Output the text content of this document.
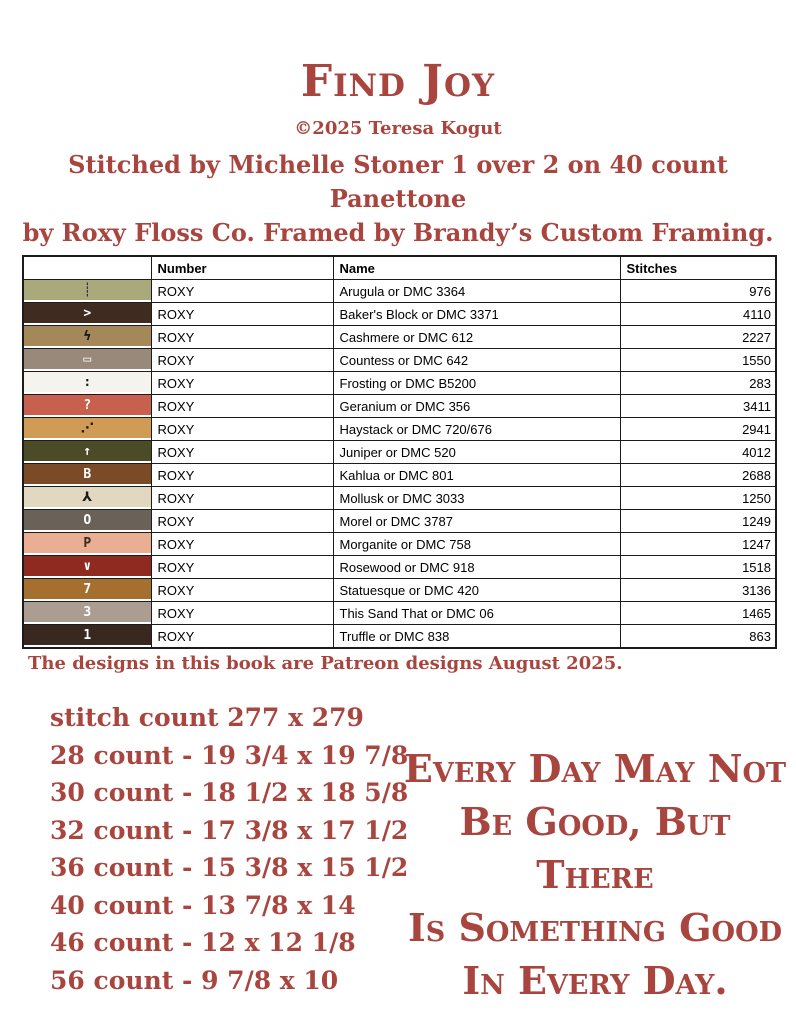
Find Joy
©2025 Teresa Kogut
Stitched by Michelle Stoner 1 over 2 on 40 count Panettone
by Roxy Floss Co. Framed by Brandy’s Custom Framing.
	Number	Name	Stitches

┊	ROXY	Arugula or DMC 3364	976

>	ROXY	Baker's Block or DMC 3371	4110

ϟ	ROXY	Cashmere or DMC 612	2227

▭	ROXY	Countess or DMC 642	1550

:	ROXY	Frosting or DMC B5200	283

?	ROXY	Geranium or DMC 356	3411

⋰	ROXY	Haystack or DMC 720/676	2941

↑	ROXY	Juniper or DMC 520	4012

B	ROXY	Kahlua or DMC 801	2688

⅄	ROXY	Mollusk or DMC 3033	1250

O	ROXY	Morel or DMC 3787	1249

P	ROXY	Morganite or DMC 758	1247

∨	ROXY	Rosewood or DMC 918	1518

7	ROXY	Statuesque or DMC 420	3136

3	ROXY	This Sand That or DMC 06	1465

1	ROXY	Truffle or DMC 838	863
The designs in this book are Patreon designs August 2025.
stitch count 277 x 279
28 count - 19 3/4 x 19 7/8
30 count - 18 1/2 x 18 5/8
32 count - 17 3/8 x 17 1/2
36 count - 15 3/8 x 15 1/2
40 count - 13 7/8 x 14
46 count - 12 x 12 1/8
56 count - 9 7/8 x 10
Every Day May Not
Be Good, But There
Is Something Good
In Every Day.
